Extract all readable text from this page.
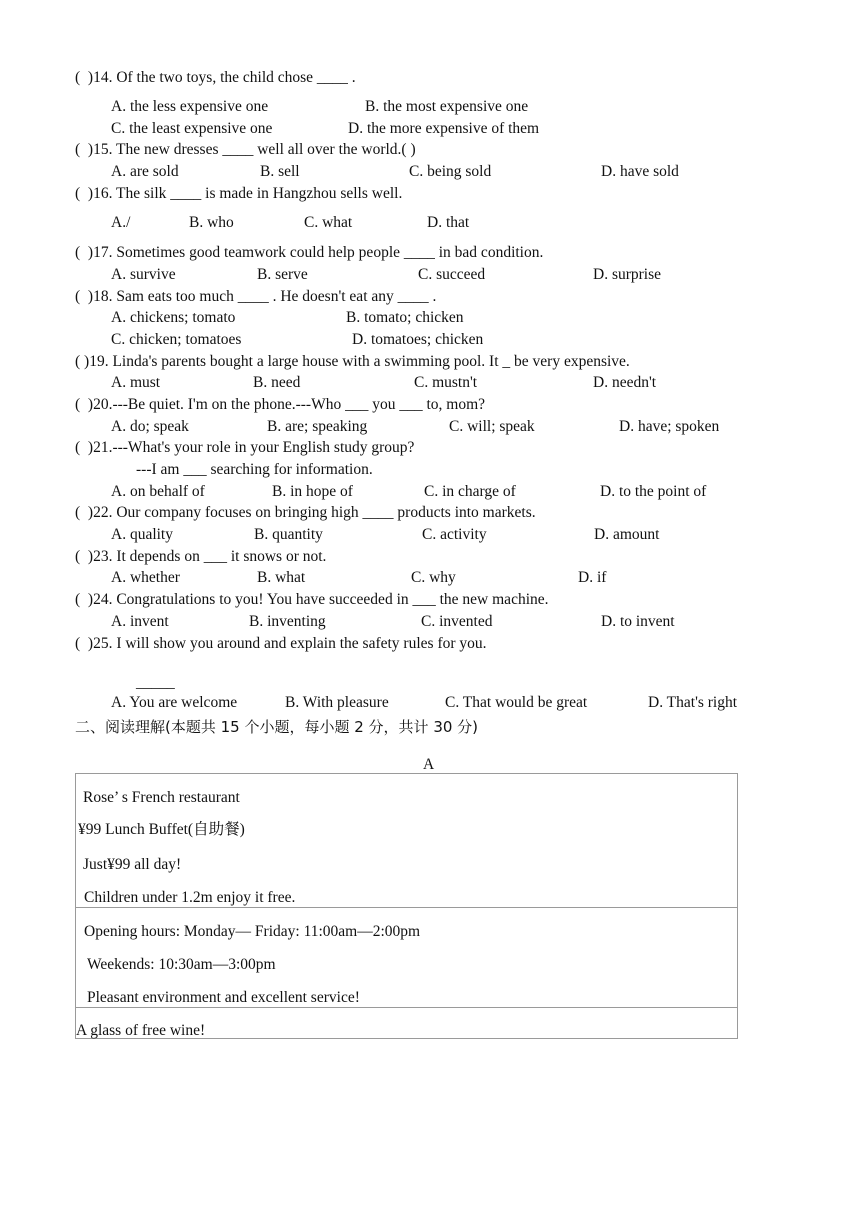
(  )14. Of the two toys, the child chose ____ .
A. the less expensive one	B. the most expensive one
C. the least expensive one	D. the more expensive of them
(  )15. The new dresses ____ well all over the world.( )
A. are sold	B. sell	C. being sold	D. have sold
(  )16. The silk ____ is made in Hangzhou sells well.
A./	B. who	C. what	D. that
(  )17. Sometimes good teamwork could help people ____ in bad condition.
A. survive	B. serve	C. succeed	D. surprise
(  )18. Sam eats too much ____ . He doesn't eat any ____ .
A. chickens; tomato	B. tomato; chicken
C. chicken; tomatoes	D. tomatoes; chicken
( )19. Linda's parents bought a large house with a swimming pool. It _ be very expensive.
A. must	B. need	C. mustn't	D. needn't
(  )20.---Be quiet. I'm on the phone.---Who ___ you ___ to, mom?
A. do; speak	B. are; speaking	C. will; speak	D. have; spoken
(  )21.---What's your role in your English study group?
---I am ___ searching for information.
A. on behalf of	B. in hope of	C. in charge of	D. to the point of
(  )22. Our company focuses on bringing high ____ products into markets.
A. quality	B. quantity	C. activity	D. amount
(  )23. It depends on ___ it snows or not.
A. whether	B. what	C. why	D. if
(  )24. Congratulations to you! You have succeeded in ___ the new machine.
A. invent	B. inventing	C. invented	D. to invent
(  )25. I will show you around and explain the safety rules for you.
_____
A. You are welcome	B. With pleasure	C. That would be great	D. That's right
二、阅读理解(本题共 15 个小题，每小题 2 分，共计 30 分)
A
Rose’ s French restaurant
¥99 Lunch Buffet(自助餐)
Just¥99 all day!
Children under 1.2m enjoy it free.
Opening hours: Monday— Friday: 11:00am—2:00pm
Weekends: 10:30am—3:00pm
Pleasant environment and excellent service!
A glass of free wine!
